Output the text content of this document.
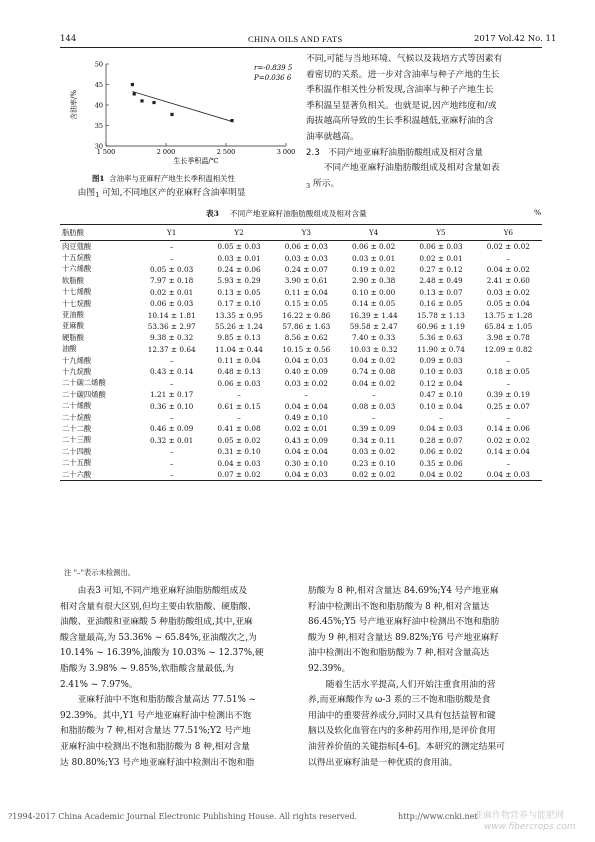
144	CHINA OILS AND FATS	2017 Vol.42 No. 11
1 500	2 000	2 500	3 000
30
35
40
45
50
生长季积温/℃
含油率/%
r=-0.839 5
P=0.036 6
图1 含油率与亚麻籽产地生长季积温相关性

由图$_1$ 可知,不同地区产的亚麻籽含油率明显

不同,可能与当地环境、气候以及栽培方式等因素有

着密切的关系。进一步对含油率与种子产地的生长

季积温作相关性分析发现,含油率与种子产地生长

季积温呈显著负相关。也就是说,因产地纬度和/或

海拔越高所导致的生长季积温越低,亚麻籽油的含

油率就越高。

2.3　不同产地亚麻籽油脂肪酸组成及相对含量

不同产地亚麻籽油脂肪酸组成及相对含量如表

$_3$ 所示。

表3 不同产地亚麻籽油脂肪酸组成及相对含量	%
脂肪酸	Y1	Y2	Y3	Y4	Y5	Y6
肉豆蔻酸	–	0.05 ± 0.03	0.06 ± 0.03	0.06 ± 0.02	0.06 ± 0.03	0.02 ± 0.02
十五烷酸	–	0.03 ± 0.01	0.03 ± 0.03	0.03 ± 0.01	0.02 ± 0.01	–
十六烯酸	0.05 ± 0.03	0.24 ± 0.06	0.24 ± 0.07	0.19 ± 0.02	0.27 ± 0.12	0.04 ± 0.02
软脂酸	7.97 ± 0.18	5.93 ± 0.29	3.90 ± 0.61	2.90 ± 0.38	2.48 ± 0.49	2.41 ± 0.60
十七烯酸	0.02 ± 0.01	0.13 ± 0.05	0.11 ± 0.04	0.10 ± 0.00	0.13 ± 0.07	0.03 ± 0.02
十七烷酸	0.06 ± 0.03	0.17 ± 0.10	0.15 ± 0.05	0.14 ± 0.05	0.16 ± 0.05	0.05 ± 0.04
亚油酸	10.14 ± 1.81	13.35 ± 0.95	16.22 ± 0.86	16.39 ± 1.44	15.78 ± 1.13	13.75 ± 1.28
亚麻酸	53.36 ± 2.97	55.26 ± 1.24	57.86 ± 1.63	59.58 ± 2.47	60.96 ± 1.19	65.84 ± 1.05
硬脂酸	9.38 ± 0.32	9.85 ± 0.13	8.56 ± 0.62	7.40 ± 0.33	5.36 ± 0.63	3.98 ± 0.78
油酸	12.37 ± 0.64	11.04 ± 0.44	10.15 ± 0.56	10.03 ± 0.32	11.90 ± 0.74	12.09 ± 0.82
十九烯酸	–	0.11 ± 0.04	0.04 ± 0.03	0.04 ± 0.02	0.09 ± 0.03	–
十九烷酸	0.43 ± 0.14	0.48 ± 0.13	0.40 ± 0.09	0.74 ± 0.08	0.10 ± 0.03	0.18 ± 0.05
二十碳二烯酸	–	0.06 ± 0.03	0.03 ± 0.02	0.04 ± 0.02	0.12 ± 0.04	–
二十碳四烯酸	1.21 ± 0.17	–	–	–	0.47 ± 0.10	0.39 ± 0.19
二十烯酸	0.36 ± 0.10	0.61 ± 0.15	0.04 ± 0.04	0.08 ± 0.03	0.10 ± 0.04	0.25 ± 0.07
二十烷酸	–	–	0.49 ± 0.10	–	–	–
二十二酸	0.46 ± 0.09	0.41 ± 0.08	0.02 ± 0.01	0.39 ± 0.09	0.04 ± 0.03	0.14 ± 0.06
二十三酸	0.32 ± 0.01	0.05 ± 0.02	0.43 ± 0.09	0.34 ± 0.11	0.28 ± 0.07	0.02 ± 0.02
二十四酸	–	0.31 ± 0.10	0.04 ± 0.04	0.03 ± 0.02	0.06 ± 0.02	0.14 ± 0.04
二十五酸	–	0.04 ± 0.03	0.30 ± 0.10	0.23 ± 0.10	0.35 ± 0.06	–
二十六酸	–	0.07 ± 0.02	0.04 ± 0.03	0.02 ± 0.02	0.04 ± 0.02	0.04 ± 0.03
注 "–"表示未检测出。

由表3 可知,不同产地亚麻籽油脂肪酸组成及

相对含量有很大区别,但均主要由软脂酸、硬脂酸、

油酸、亚油酸和亚麻酸 5 种脂肪酸组成,其中,亚麻

酸含量最高,为 53.36% ~ 65.84%,亚油酸次之,为

10.14% ~ 16.39%,油酸为 10.03% ~ 12.37%,硬

脂酸为 3.98% ~ 9.85%,软脂酸含量最低,为

2.41% ~ 7.97%。

亚麻籽油中不饱和脂肪酸含量高达 77.51% ~

92.39%。其中,Y1 号产地亚麻籽油中检测出不饱

和脂肪酸为 7 种,相对含量达 77.51%;Y2 号产地

亚麻籽油中检测出不饱和脂肪酸为 8 种,相对含量

达 80.80%;Y3 号产地亚麻籽油中检测出不饱和脂

肪酸为 8 种,相对含量达 84.69%;Y4 号产地亚麻

籽油中检测出不饱和脂肪酸为 8 种,相对含量达

86.45%;Y5 号产地亚麻籽油中检测出不饱和脂肪

酸为 9 种,相对含量达 89.82%;Y6 号产地亚麻籽

油中检测出不饱和脂肪酸为 7 种,相对含量高达

92.39%。

随着生活水平提高,人们开始注重食用油的营

养,而亚麻酸作为 ω-3 系的三不饱和脂肪酸是食

用油中的重要营养成分,同时又具有包括益智和键

脑以及软化血管在内的多种药用作用,是评价食用

油营养价值的关键指标[4-6]。本研究的测定结果可

以得出亚麻籽油是一种优质的食用油。

?1994-2017 China Academic Journal Electronic Publishing House. All rights reserved.	http://www.cnki.net
亚麻作物营养与能肥网
www.fibercrops.com
